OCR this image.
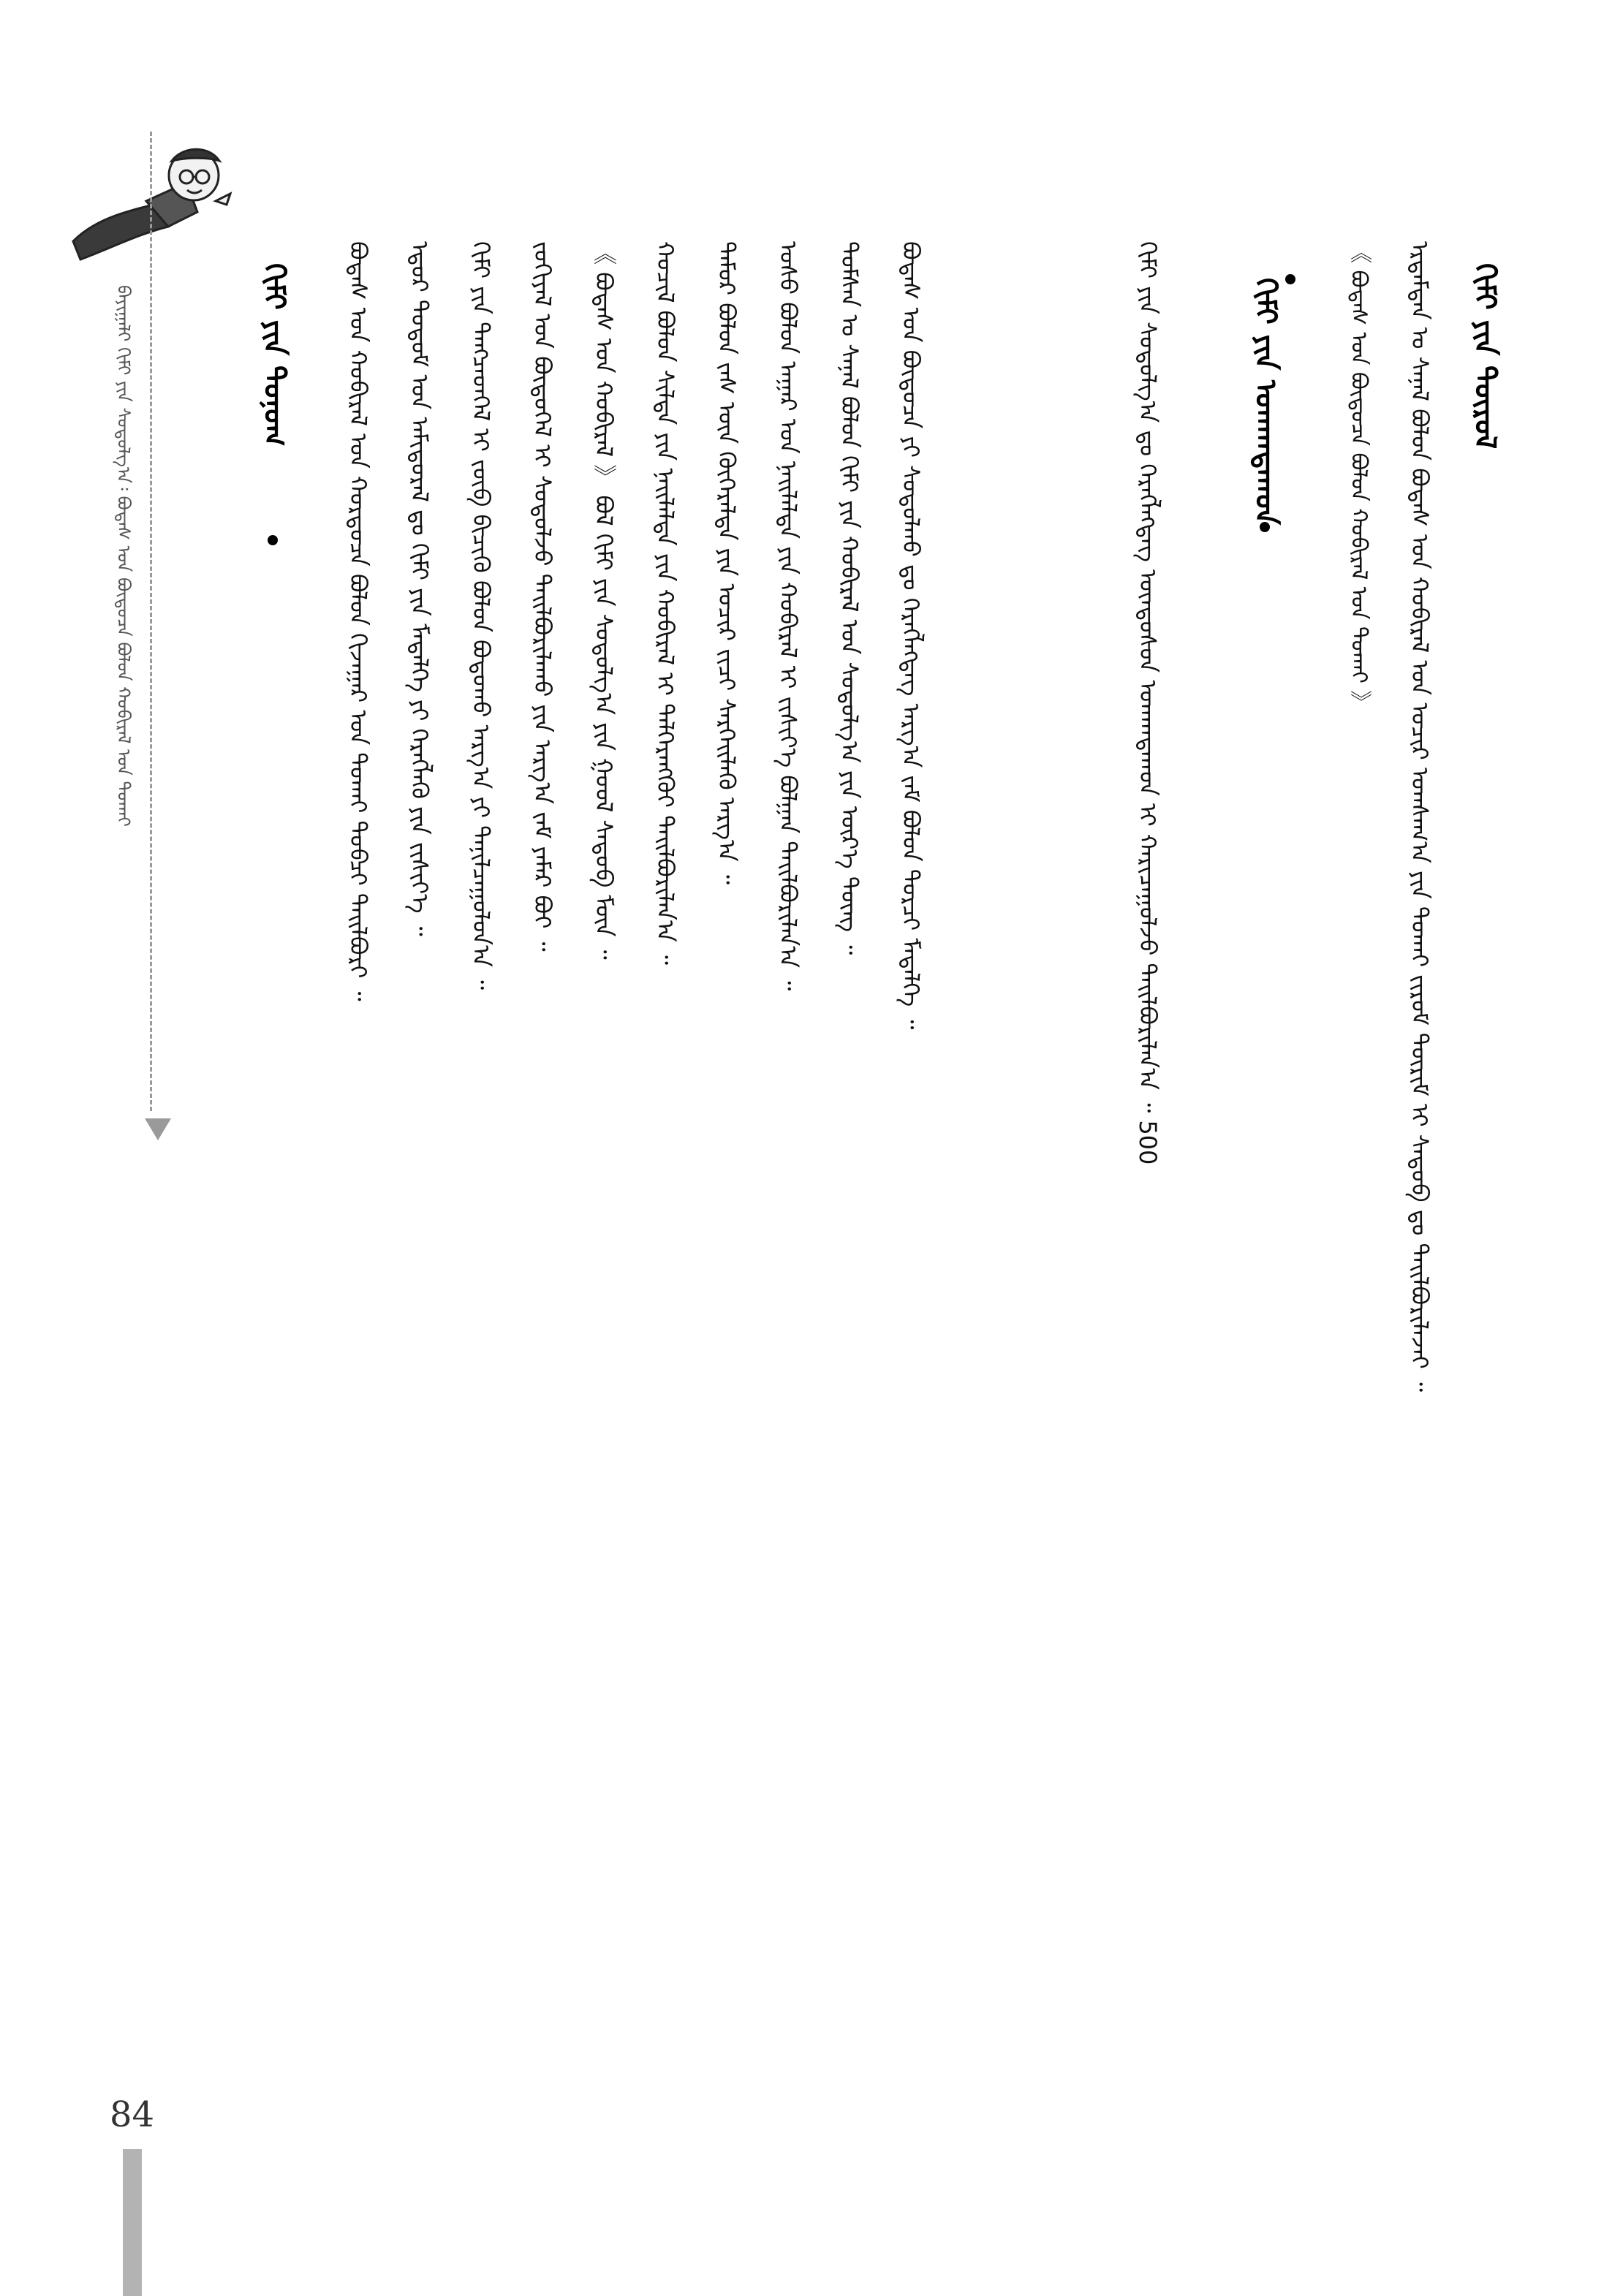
84
ᠪᠠᠶᠢᠭᠠᠯᠢ ᠬᠢᠮᠢ ᠶᠢᠨ ᠰᠤᠳᠤᠯᠭ᠎ᠠ᠄ ᠪᠣᠳᠠᠰ ᠤᠨ ᠪᠦᠲᠦᠴᠡ ᠪᠣᠯᠤᠨ ᠬᠤᠪᠢᠷᠠᠯ ᠤᠨ ᠲᠤᠬᠠᠢ	ᠬᠢᠮᠢ ᠶᠢᠨ ᠲᠣᠨᠤᠭ	ᠪᠣᠳᠠᠰ ᠤᠨ ᠬᠤᠪᠢᠷᠠᠯ ᠤᠨ ᠬᠤᠷᠳᠤᠴᠠ ᠪᠣᠯᠤᠨ ᠬᠢᠵᠠᠭᠠᠷ ᠤᠨ ᠲᠤᠬᠠᠢ ᠲᠣᠪᠴᠢ ᠲᠠᠢᠯᠪᠤᠷᠢ ᠃ ᠡᠳᠦᠷ ᠲᠤᠲᠤᠮ ᠤᠨ ᠠᠮᠢᠳᠤᠷᠠᠯ ᠳᠤ ᠬᠢᠮᠢ ᠶᠢᠨ ᠮᠡᠳᠡᠯᠭᠡ ᠶᠢ ᠬᠡᠷᠡᠭᠯᠡᠬᠦ ᠶᠢᠨ ᠵᠢᠱᠢᠶ᠎ᠡ ᠃ ᠬᠢᠮᠢ ᠶᠢᠨ ᠲᠡᠩᠴᠡᠳᠬᠡᠯ ᠢ ᠵᠥᠪ ᠪᠢᠴᠢᠬᠦ ᠪᠣᠯᠤᠨ ᠪᠣᠳᠤᠬᠤ ᠠᠷᠭ᠎ᠠ ᠶᠢ ᠲᠠᠨᠢᠯᠴᠠᠭᠤᠯᠤᠨ᠎ᠠ ᠃ ᠵᠣᠬᠢᠶᠠᠯ ᠤᠨ ᠪᠦᠲᠦᠭᠡᠯ ᠢ ᠰᠤᠳᠤᠯᠵᠤ ᠲᠠᠢᠯᠪᠤᠷᠢᠯᠠᠬᠤ ᠶᠢᠨ ᠠᠷᠭ᠎ᠠ ᠵᠠᠮ ᠶᠠᠮᠠᠷ ᠪᠤᠢ ᠃ 《 ᠪᠣᠳᠠᠰ ᠤᠨ ᠬᠤᠪᠢᠷᠠᠯ 》 ᠪᠣᠯ ᠬᠢᠮᠢ ᠶᠢᠨ ᠰᠤᠳᠤᠯᠭ᠎ᠠ ᠶᠢᠨ ᠭᠣᠣᠯ ᠰᠡᠳᠦᠪ ᠮᠥᠨ ᠃ ᠬᠤᠴᠢᠯ ᠪᠣᠯᠤᠨ ᠰᠢᠯᠲᠡ ᠶᠢᠨ ᠨᠡᠢᠯᠡᠯᠳᠡ ᠶᠢᠨ ᠬᠤᠪᠢᠷᠠᠯ ᠢ ᠳᠡᠯᠭᠡᠷᠡᠩᠭᠦᠢ ᠲᠠᠢᠯᠪᠤᠷᠢᠯᠠᠨ᠎ᠠ ᠃ ᠲᠡᠮᠦᠷ ᠪᠣᠯᠤᠨ ᠵᠡᠰ ᠦᠨ ᠬᠦᠬᠡᠷᠡᠯᠲᠡ ᠶᠢᠨ ᠤᠴᠢᠷ ᠵᠢᠴᠢ ᠰᠡᠷᠭᠡᠢᠯᠡᠬᠦ ᠠᠷᠭ᠎ᠠ ᠃ ᠤᠰᠤ ᠪᠣᠯᠤᠨ ᠠᠭᠠᠷ ᠤᠨ ᠨᠡᠢᠯᠡᠯᠳᠡ ᠶᠢᠨ ᠬᠤᠪᠢᠷᠠᠯ ᠢ ᠵᠢᠱᠢᠶ᠎ᠡ ᠪᠣᠯᠭᠠᠨ ᠲᠠᠢᠯᠪᠤᠷᠢᠯᠠᠨ᠎ᠠ ᠃ ᠲᠣᠮᠰᠠᠨ ᠤ ᠰᠠᠨᠠᠯ ᠪᠣᠯᠤᠨ ᠬᠢᠮᠢ ᠶᠢᠨ ᠬᠤᠪᠢᠷᠠᠯ ᠤᠨ ᠰᠤᠳᠤᠯᠭ᠎ᠠ ᠶᠢᠨ ᠦᠷ᠎ᠡ ᠳᠦᠩ ᠃ ᠪᠣᠳᠠᠰ ᠤᠨ ᠪᠦᠲᠦᠴᠡ ᠶᠢ ᠰᠤᠳᠤᠯᠬᠤ ᠳᠤ ᠬᠡᠷᠡᠭᠯᠡᠭᠳᠡᠭ ᠠᠷᠭ᠎ᠠ ᠵᠠᠮ ᠪᠣᠯᠤᠨ ᠲᠣᠷᠴᠢ ᠮᠡᠳᠡᠯᠭᠡ ᠃	ᠬᠢᠮᠢ ᠶᠢᠨ ᠤᠬᠠᠭᠳᠠᠬᠤᠨ
ᠬᠢᠮᠢ ᠶᠢᠨ ᠰᠤᠳᠤᠯᠭ᠎ᠠ ᠳᠤ ᠬᠡᠷᠡᠭᠯᠡᠭᠳᠡᠭ ᠦᠨᠳᠦᠰᠦᠨ ᠤᠬᠠᠭᠳᠠᠬᠤᠨ ᠢ ᠬᠠᠷᠢᠴᠠᠭᠤᠯᠵᠤ ᠲᠠᠢᠯᠪᠤᠷᠢᠯᠠᠨ᠎ᠠ ᠃ 500	《 ᠪᠣᠳᠠᠰ ᠤᠨ ᠪᠦᠲᠦᠴᠡ ᠪᠤᠯᠤᠨ ᠬᠤᠪᠢᠷᠠᠯ ᠤᠨ ᠲᠤᠬᠠᠢ 》 ᠡᠷᠳᠡᠮᠲᠡᠨ ᠤ ᠰᠠᠨᠠᠯ ᠪᠣᠯᠤᠨ ᠪᠣᠳᠠᠰ ᠤᠨ ᠬᠤᠪᠢᠷᠠᠯ ᠤᠨ ᠤᠴᠢᠷ ᠤᠭᠰᠠᠭ᠎ᠠ ᠶᠢᠨ ᠲᠤᠬᠠᠢ ᠵᠢᠷᠤᠮ ᠳᠦᠷᠢᠮ ᠢ ᠰᠡᠳᠦᠪ ᠳᠤ ᠲᠠᠢᠯᠪᠤᠷᠢᠯᠠᠵᠠᠢ ᠃	ᠬᠢᠮᠢ ᠶᠢᠨ ᠲᠥᠷᠦᠯ
